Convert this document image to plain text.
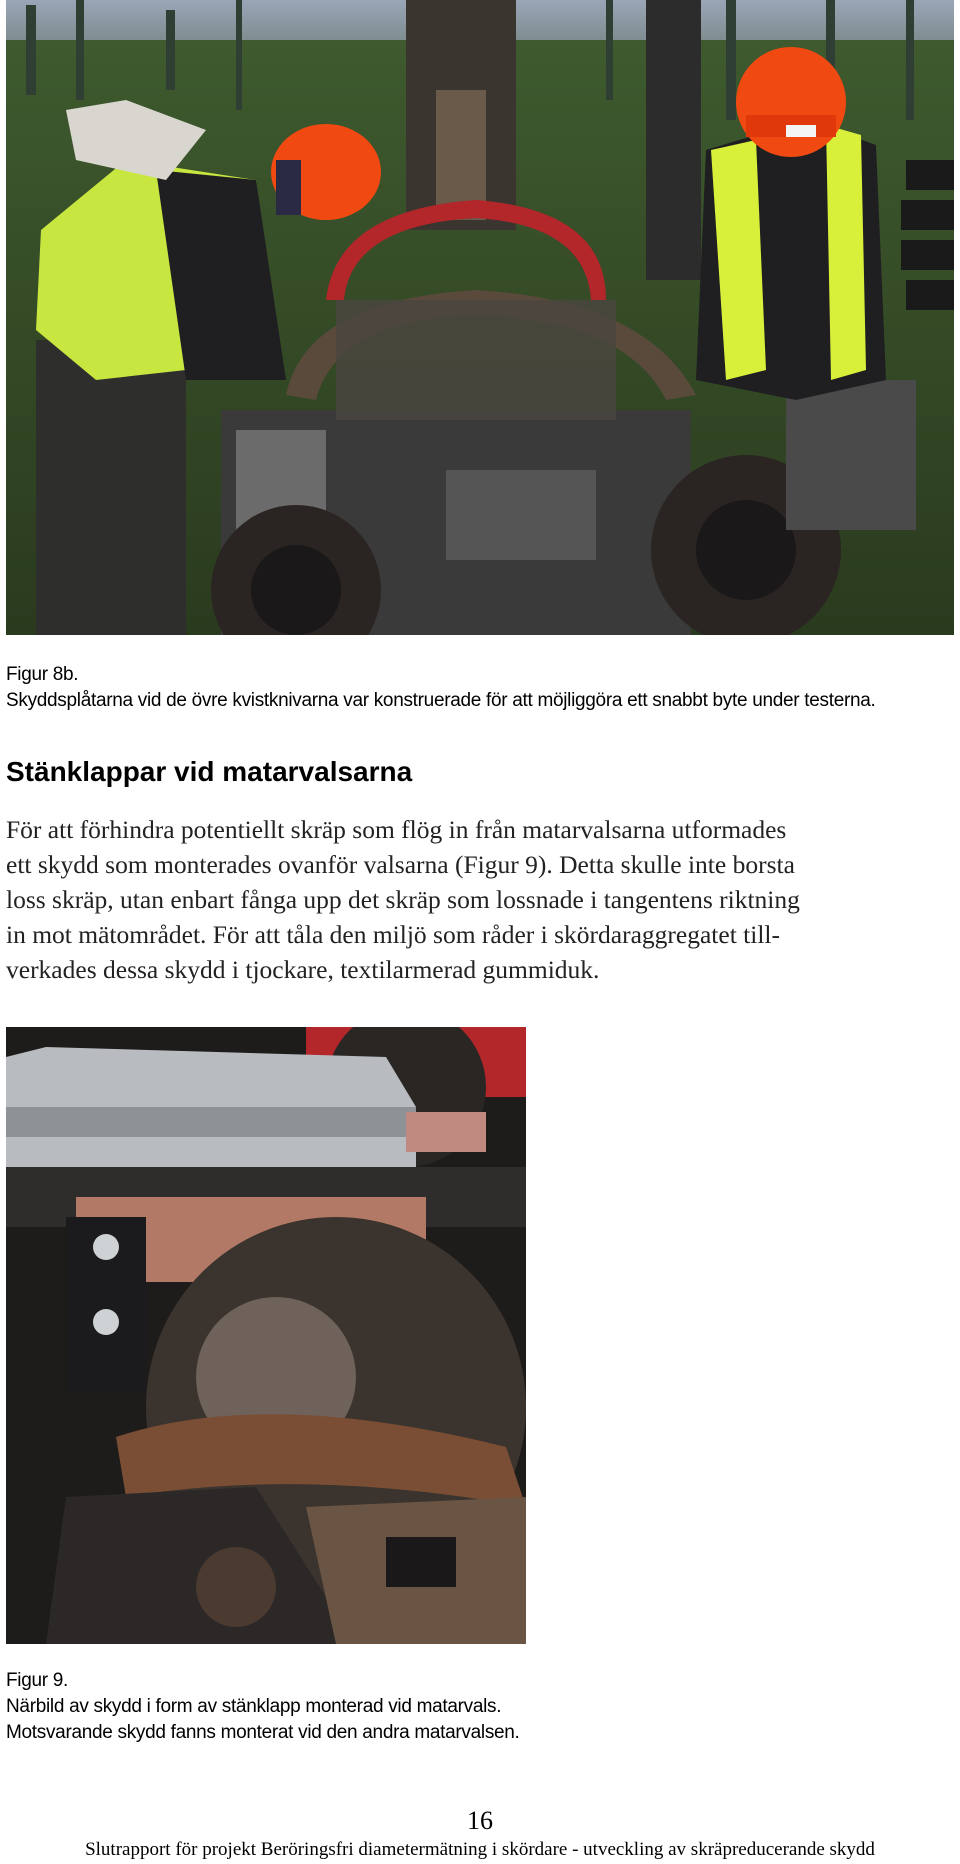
Figur 8b.
Skyddsplåtarna vid de övre kvistknivarna var konstruerade för att möjliggöra ett snabbt byte under testerna.
Stänklappar vid matarvalsarna

För att förhindra potentiellt skräp som flög in från matarvalsarna utformades
ett skydd som monterades ovanför valsarna (Figur 9). Detta skulle inte borsta
loss skräp, utan enbart fånga upp det skräp som lossnade i tangentens riktning
in mot mätområdet. För att tåla den miljö som råder i skördaraggregatet till-
verkades dessa skydd i tjockare, textilarmerad gummiduk.

Figur 9.
Närbild av skydd i form av stänklapp monterad vid matarvals.
Motsvarande skydd fanns monterat vid den andra matarvalsen.
16
Slutrapport för projekt Beröringsfri diametermätning i skördare - utveckling av skräpreducerande skydd
